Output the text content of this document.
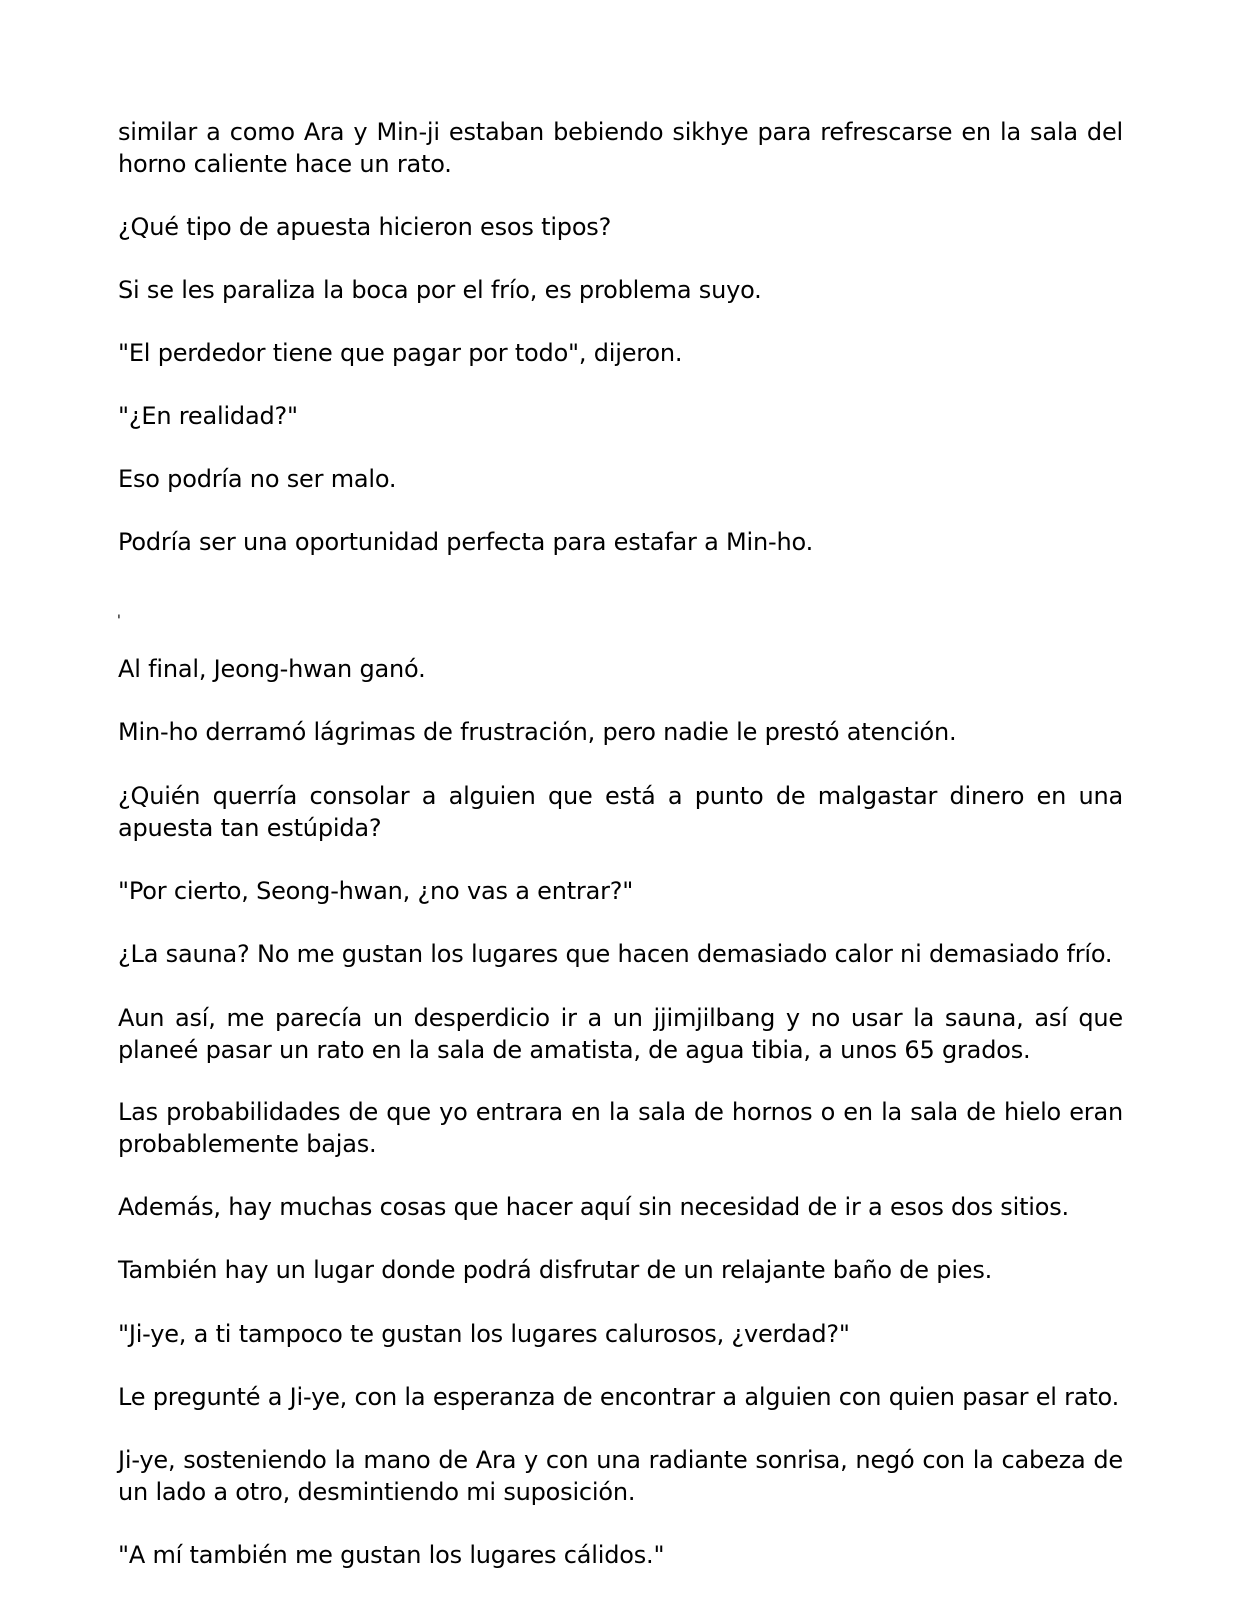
similar a como Ara y Min-ji estaban bebiendo sikhye para refrescarse en la sala del horno caliente hace un rato.

¿Qué tipo de apuesta hicieron esos tipos?

Si se les paraliza la boca por el frío, es problema suyo.

"El perdedor tiene que pagar por todo", dijeron.

"¿En realidad?"

Eso podría no ser malo.

Podría ser una oportunidad perfecta para estafar a Min-ho.

'

Al final, Jeong-hwan ganó.

Min-ho derramó lágrimas de frustración, pero nadie le prestó atención.

¿Quién querría consolar a alguien que está a punto de malgastar dinero en una apuesta tan estúpida?

"Por cierto, Seong-hwan, ¿no vas a entrar?"

¿La sauna? No me gustan los lugares que hacen demasiado calor ni demasiado frío.

Aun así, me parecía un desperdicio ir a un jjimjilbang y no usar la sauna, así que planeé pasar un rato en la sala de amatista, de agua tibia, a unos 65 grados.

Las probabilidades de que yo entrara en la sala de hornos o en la sala de hielo eran probablemente bajas.

Además, hay muchas cosas que hacer aquí sin necesidad de ir a esos dos sitios.

También hay un lugar donde podrá disfrutar de un relajante baño de pies.

"Ji-ye, a ti tampoco te gustan los lugares calurosos, ¿verdad?"

Le pregunté a Ji-ye, con la esperanza de encontrar a alguien con quien pasar el rato.

Ji-ye, sosteniendo la mano de Ara y con una radiante sonrisa, negó con la cabeza de un lado a otro, desmintiendo mi suposición.

"A mí también me gustan los lugares cálidos."
